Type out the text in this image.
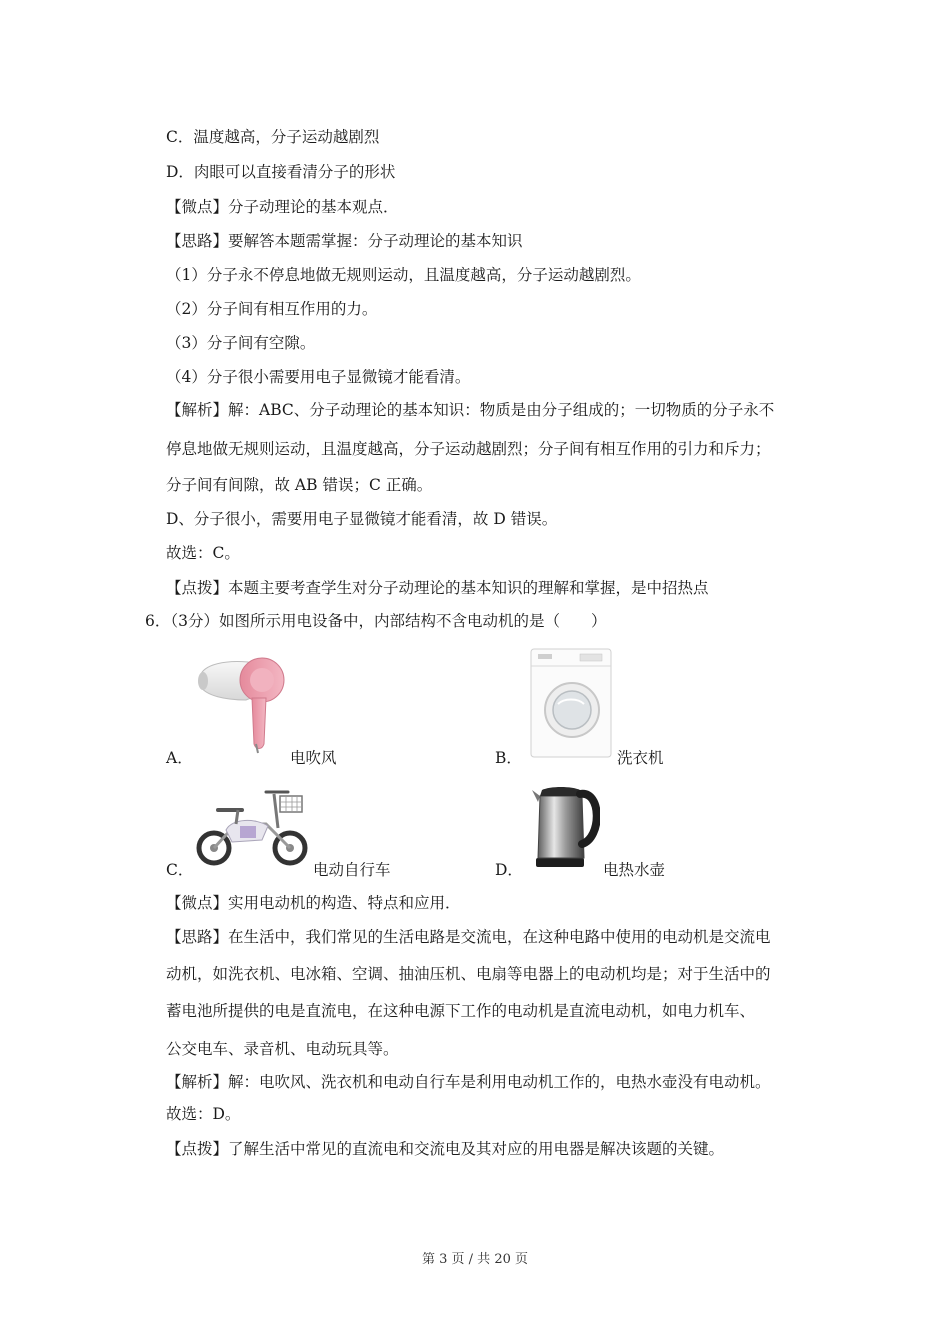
C．温度越高，分子运动越剧烈
D．肉眼可以直接看清分子的形状
【微点】分子动理论的基本观点．
【思路】要解答本题需掌握：分子动理论的基本知识
（1）分子永不停息地做无规则运动，且温度越高，分子运动越剧烈。
（2）分子间有相互作用的力。
（3）分子间有空隙。
（4）分子很小需要用电子显微镜才能看清。
【解析】解：ABC、分子动理论的基本知识：物质是由分子组成的；一切物质的分子永不
停息地做无规则运动，且温度越高，分子运动越剧烈；分子间有相互作用的引力和斥力；
分子间有间隙，故 AB 错误；C 正确。
D、分子很小，需要用电子显微镜才能看清，故 D 错误。
故选：C。
【点拨】本题主要考查学生对分子动理论的基本知识的理解和掌握，是中招热点
6．（3分）如图所示用电设备中，内部结构不含电动机的是（　　）
A．	电吹风	B．	洗衣机
C．	电动自行车	D．	电热水壶
【微点】实用电动机的构造、特点和应用．
【思路】在生活中，我们常见的生活电路是交流电，在这种电路中使用的电动机是交流电
动机，如洗衣机、电冰箱、空调、抽油压机、电扇等电器上的电动机均是；对于生活中的
蓄电池所提供的电是直流电，在这种电源下工作的电动机是直流电动机，如电力机车、
公交电车、录音机、电动玩具等。
【解析】解：电吹风、洗衣机和电动自行车是利用电动机工作的，电热水壶没有电动机。
故选：D。
【点拨】了解生活中常见的直流电和交流电及其对应的用电器是解决该题的关键。
第 3 页 / 共 20 页
